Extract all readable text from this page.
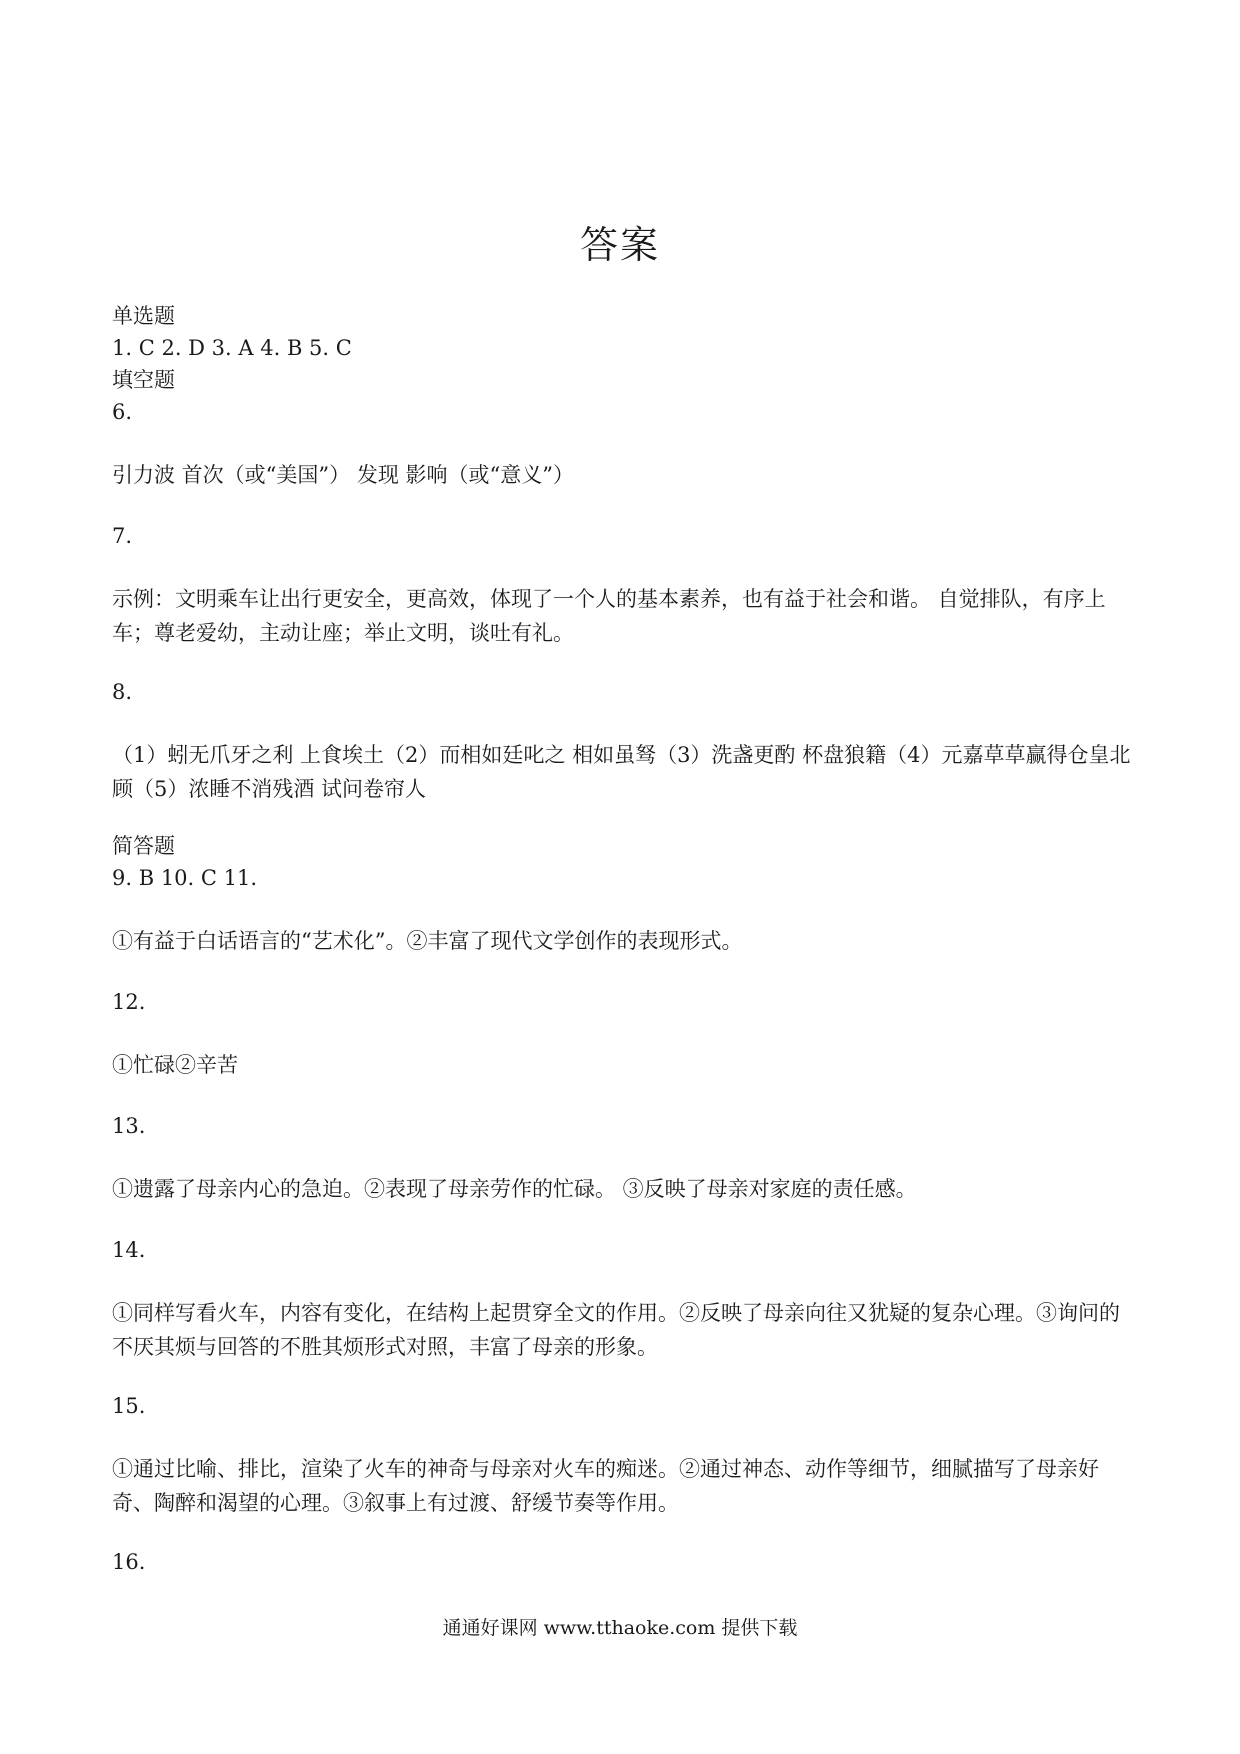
答案
单选题
1. C 2. D 3. A 4. B 5. C
填空题
6.
引力波 首次（或“美国”） 发现 影响（或“意义”）
7.
示例：文明乘车让出行更安全，更高效，体现了一个人的基本素养，也有益于社会和谐。 自觉排队，有序上车；尊老爱幼，主动让座；举止文明，谈吐有礼。
8.
（1）蚓无爪牙之利 上食埃土（2）而相如廷叱之 相如虽驽（3）洗盏更酌 杯盘狼籍（4）元嘉草草赢得仓皇北顾（5）浓睡不消残酒 试问卷帘人
简答题
9. B 10. C 11.
①有益于白话语言的“艺术化”。②丰富了现代文学创作的表现形式。
12.
①忙碌②辛苦
13.
①遗露了母亲内心的急迫。②表现了母亲劳作的忙碌。 ③反映了母亲对家庭的责任感。
14.
①同样写看火车，内容有变化，在结构上起贯穿全文的作用。②反映了母亲向往又犹疑的复杂心理。③询问的不厌其烦与回答的不胜其烦形式对照，丰富了母亲的形象。
15.
①通过比喻、排比，渲染了火车的神奇与母亲对火车的痴迷。②通过神态、动作等细节，细腻描写了母亲好奇、陶醉和渴望的心理。③叙事上有过渡、舒缓节奏等作用。
16.
通通好课网 www.tthaoke.com 提供下载
